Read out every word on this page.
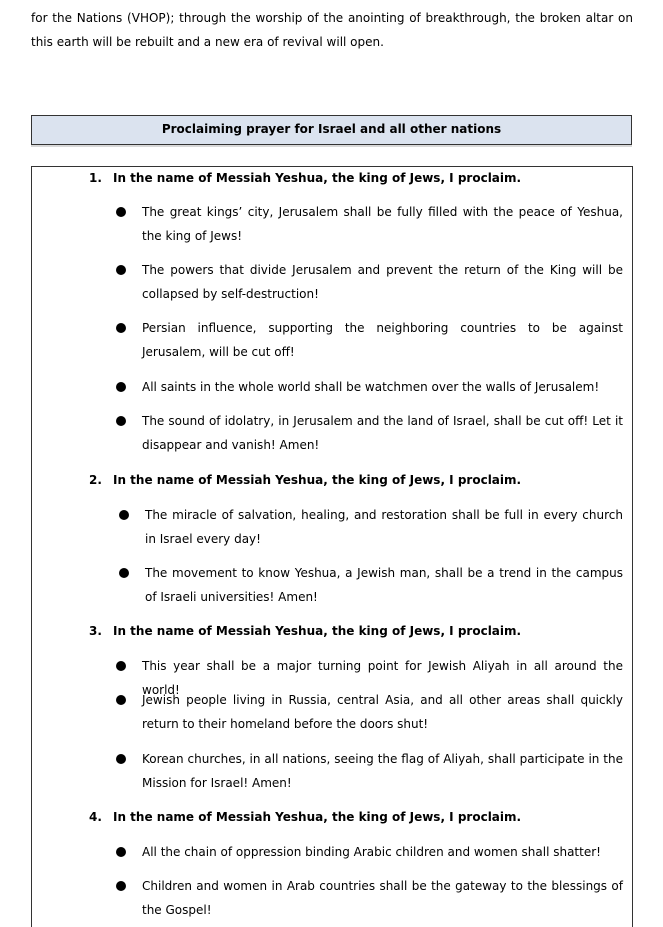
for the Nations (VHOP); through the worship of the anointing of breakthrough, the broken altar on this earth will be rebuilt and a new era of revival will open.

Proclaiming prayer for Israel and all other nations
1. In the name of Messiah Yeshua, the king of Jews, I proclaim.

The great kings’ city, Jerusalem shall be fully filled with the peace of Yeshua, the king of Jews!

The powers that divide Jerusalem and prevent the return of the King will be collapsed by self-destruction!

Persian influence, supporting the neighboring countries to be against Jerusalem, will be cut off!

All saints in the whole world shall be watchmen over the walls of Jerusalem!

The sound of idolatry, in Jerusalem and the land of Israel, shall be cut off! Let it disappear and vanish! Amen!

2. In the name of Messiah Yeshua, the king of Jews, I proclaim.

The miracle of salvation, healing, and restoration shall be full in every church in Israel every day!

The movement to know Yeshua, a Jewish man, shall be a trend in the campus of Israeli universities! Amen!

3. In the name of Messiah Yeshua, the king of Jews, I proclaim.

This year shall be a major turning point for Jewish Aliyah in all around the world!

Jewish people living in Russia, central Asia, and all other areas shall quickly return to their homeland before the doors shut!

Korean churches, in all nations, seeing the flag of Aliyah, shall participate in the Mission for Israel! Amen!

4. In the name of Messiah Yeshua, the king of Jews, I proclaim.

All the chain of oppression binding Arabic children and women shall shatter!

Children and women in Arab countries shall be the gateway to the blessings of the Gospel!
